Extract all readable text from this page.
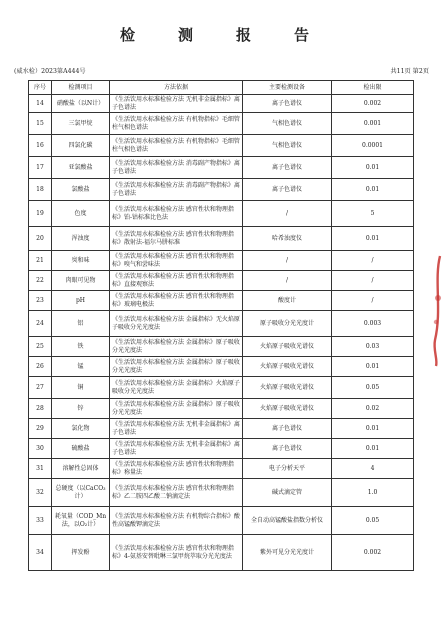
检　测　报　告
(威水检）2023第A444号	共11页 第2页
序号	检测项目	方法依据	主要检测设备	检出限
14	硝酸盐（以N计）	《生活饮用水标准检验方法 无机非金属指标》离子色谱法	离子色谱仪	0.002
15	三氯甲烷	《生活饮用水标准检验方法 有机物指标》毛细管柱气相色谱法	气相色谱仪	0.001
16	四氯化碳	《生活饮用水标准检验方法 有机物指标》毛细管柱气相色谱法	气相色谱仪	0.0001
17	亚氯酸盐	《生活饮用水标准检验方法 消毒副产物指标》离子色谱法	离子色谱仪	0.01
18	氯酸盐	《生活饮用水标准检验方法 消毒副产物指标》离子色谱法	离子色谱仪	0.01
19	色度	《生活饮用水标准检验方法 感官性状和物理指标》铂-钴标准比色法	/	5
20	浑浊度	《生活饮用水标准检验方法 感官性状和物理指标》散射法-福尔马肼标准	哈希浊度仪	0.01
21	臭和味	《生活饮用水标准检验方法 感官性状和物理指标》嗅气和尝味法	/	/
22	肉眼可见物	《生活饮用水标准检验方法 感官性状和物理指标》直接观察法	/	/
23	pH	《生活饮用水标准检验方法 感官性状和物理指标》玻璃电极法	酸度计	/
24	铝	《生活饮用水标准检验方法 金属指标》无火焰原子吸收分光光度法	原子吸收分光光度计	0.003
25	铁	《生活饮用水标准检验方法 金属指标》原子吸收分光光度法	火焰原子吸收光谱仪	0.03
26	锰	《生活饮用水标准检验方法 金属指标》原子吸收分光光度法	火焰原子吸收光谱仪	0.01
27	铜	《生活饮用水标准检验方法 金属指标》火焰原子吸收分光光度法	火焰原子吸收光谱仪	0.05
28	锌	《生活饮用水标准检验方法 金属指标》原子吸收分光光度法	火焰原子吸收光谱仪	0.02
29	氯化物	《生活饮用水标准检验方法 无机非金属指标》离子色谱法	离子色谱仪	0.01
30	硫酸盐	《生活饮用水标准检验方法 无机非金属指标》离子色谱法	离子色谱仪	0.01
31	溶解性总固体	《生活饮用水标准检验方法 感官性状和物理指标》称量法	电子分析天平	4
32	总硬度（以CaCO₃计）	《生活饮用水标准检验方法 感官性状和物理指标》乙二胺四乙酸二钠滴定法	碱式滴定管	1.0
33	耗氧量（COD_Mn法，以O₂计）	《生活饮用水标准检验方法 有机物综合指标》酸性高锰酸钾滴定法	全自动高锰酸盐指数分析仪	0.05
34	挥发酚	《生活饮用水标准检验方法 感官性状和物理指标》4-氨基安替吡啉三氯甲烷萃取分光光度法	紫外可见分光光度计	0.002
